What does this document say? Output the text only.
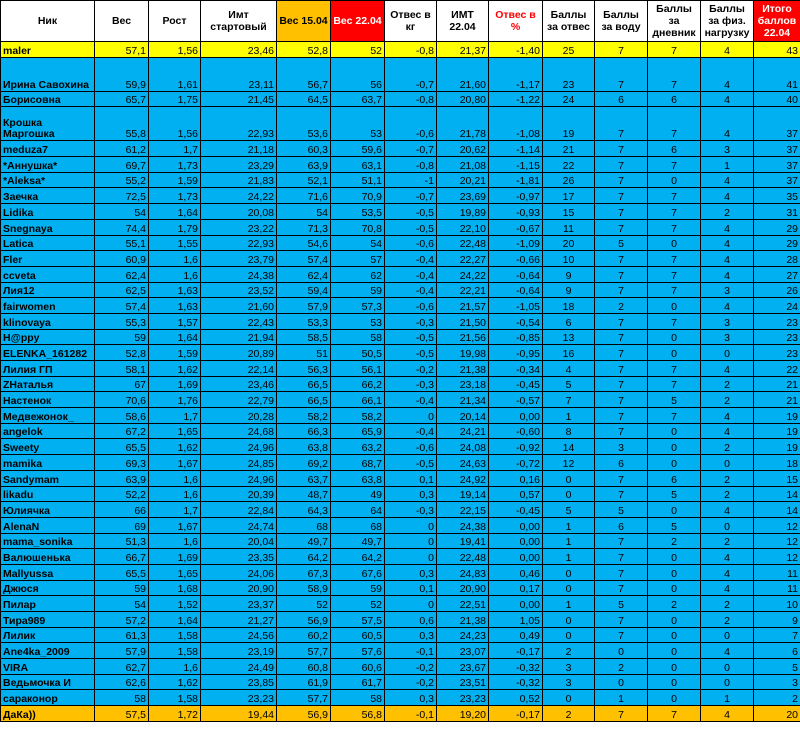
Ник	Вес	Рост	Имт стартовый	Вес 15.04	Вес 22.04	Отвес в кг	ИМТ 22.04	Отвес в %	Баллы за отвес	Баллы за воду	Баллы за дневник	Баллы за физ. нагрузку	Итого баллов 22.04
maler	57,1	1,56	23,46	52,8	52	-0,8	21,37	-1,40	25	7	7	4	43
Ирина Савохина	59,9	1,61	23,11	56,7	56	-0,7	21,60	-1,17	23	7	7	4	41
Борисовна	65,7	1,75	21,45	64,5	63,7	-0,8	20,80	-1,22	24	6	6	4	40
Крошка Маргошка	55,8	1,56	22,93	53,6	53	-0,6	21,78	-1,08	19	7	7	4	37
meduza7	61,2	1,7	21,18	60,3	59,6	-0,7	20,62	-1,14	21	7	6	3	37
*Аннушка*	69,7	1,73	23,29	63,9	63,1	-0,8	21,08	-1,15	22	7	7	1	37
*Aleksa*	55,2	1,59	21,83	52,1	51,1	-1	20,21	-1,81	26	7	0	4	37
Заечка	72,5	1,73	24,22	71,6	70,9	-0,7	23,69	-0,97	17	7	7	4	35
Lidika	54	1,64	20,08	54	53,5	-0,5	19,89	-0,93	15	7	7	2	31
Snegnaya	74,4	1,79	23,22	71,3	70,8	-0,5	22,10	-0,67	11	7	7	4	29
Latica	55,1	1,55	22,93	54,6	54	-0,6	22,48	-1,09	20	5	0	4	29
Fler	60,9	1,6	23,79	57,4	57	-0,4	22,27	-0,66	10	7	7	4	28
ccveta	62,4	1,6	24,38	62,4	62	-0,4	24,22	-0,64	9	7	7	4	27
Лия12	62,5	1,63	23,52	59,4	59	-0,4	22,21	-0,64	9	7	7	3	26
fairwomen	57,4	1,63	21,60	57,9	57,3	-0,6	21,57	-1,05	18	2	0	4	24
klinovaya	55,3	1,57	22,43	53,3	53	-0,3	21,50	-0,54	6	7	7	3	23
H@ppy	59	1,64	21,94	58,5	58	-0,5	21,56	-0,85	13	7	0	3	23
ELENKA_161282	52,8	1,59	20,89	51	50,5	-0,5	19,98	-0,95	16	7	0	0	23
Лилия ГП	58,1	1,62	22,14	56,3	56,1	-0,2	21,38	-0,34	4	7	7	4	22
ZHаталья	67	1,69	23,46	66,5	66,2	-0,3	23,18	-0,45	5	7	7	2	21
Настенок	70,6	1,76	22,79	66,5	66,1	-0,4	21,34	-0,57	7	7	5	2	21
Медвежонок_	58,6	1,7	20,28	58,2	58,2	0	20,14	0,00	1	7	7	4	19
angelok	67,2	1,65	24,68	66,3	65,9	-0,4	24,21	-0,60	8	7	0	4	19
Sweety	65,5	1,62	24,96	63,8	63,2	-0,6	24,08	-0,92	14	3	0	2	19
mamika	69,3	1,67	24,85	69,2	68,7	-0,5	24,63	-0,72	12	6	0	0	18
Sandymam	63,9	1,6	24,96	63,7	63,8	0,1	24,92	0,16	0	7	6	2	15
likadu	52,2	1,6	20,39	48,7	49	0,3	19,14	0,57	0	7	5	2	14
Юлиячка	66	1,7	22,84	64,3	64	-0,3	22,15	-0,45	5	5	0	4	14
AlenaN	69	1,67	24,74	68	68	0	24,38	0,00	1	6	5	0	12
mama_sonika	51,3	1,6	20,04	49,7	49,7	0	19,41	0,00	1	7	2	2	12
Валюшенька	66,7	1,69	23,35	64,2	64,2	0	22,48	0,00	1	7	0	4	12
Mallyussa	65,5	1,65	24,06	67,3	67,6	0,3	24,83	0,46	0	7	0	4	11
Джюся	59	1,68	20,90	58,9	59	0,1	20,90	0,17	0	7	0	4	11
Пилар	54	1,52	23,37	52	52	0	22,51	0,00	1	5	2	2	10
Тира989	57,2	1,64	21,27	56,9	57,5	0,6	21,38	1,05	0	7	0	2	9
Лилик	61,3	1,58	24,56	60,2	60,5	0,3	24,23	0,49	0	7	0	0	7
Ane4ka_2009	57,9	1,58	23,19	57,7	57,6	-0,1	23,07	-0,17	2	0	0	4	6
VIRA	62,7	1,6	24,49	60,8	60,6	-0,2	23,67	-0,32	3	2	0	0	5
Ведьмочка И	62,6	1,62	23,85	61,9	61,7	-0,2	23,51	-0,32	3	0	0	0	3
сараконор	58	1,58	23,23	57,7	58	0,3	23,23	0,52	0	1	0	1	2
ДаКа))	57,5	1,72	19,44	56,9	56,8	-0,1	19,20	-0,17	2	7	7	4	20
